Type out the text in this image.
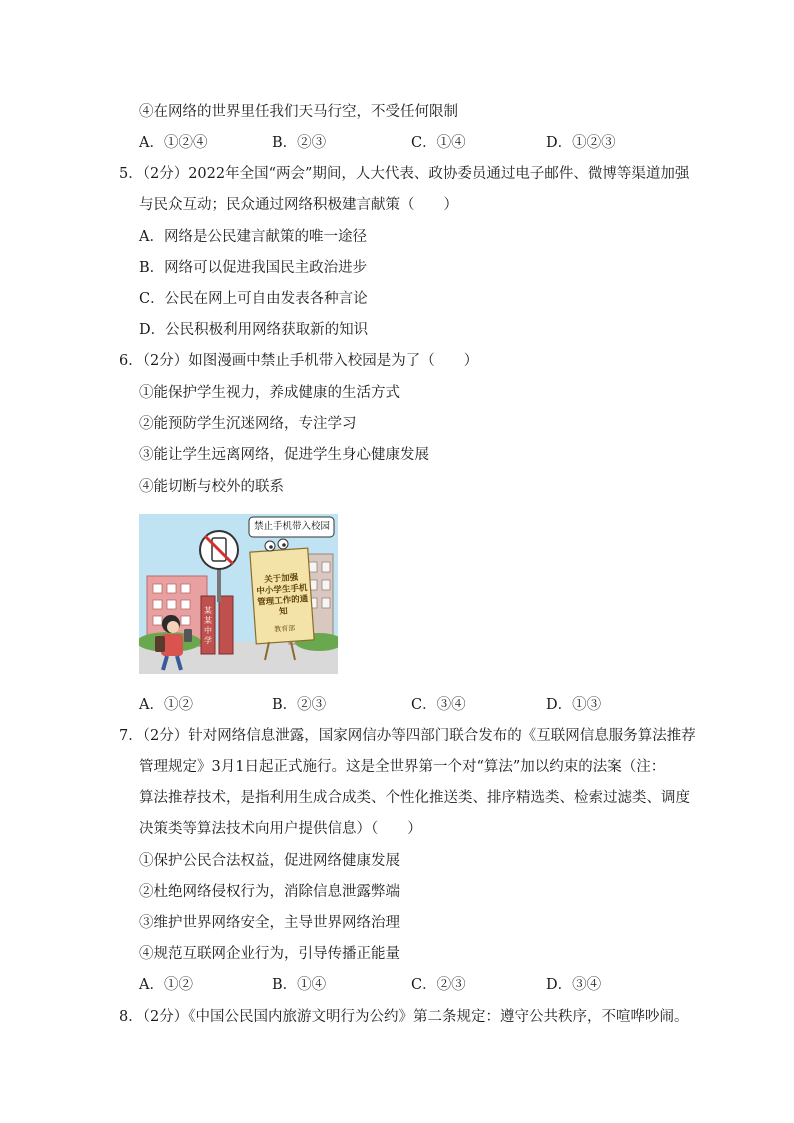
④在网络的世界里任我们天马行空，不受任何限制
A．①②④	B．②③	C．①④	D．①②③
5．（2分）2022年全国“两会”期间，人大代表、政协委员通过电子邮件、微博等渠道加强
与民众互动；民众通过网络积极建言献策（　　）
A．网络是公民建言献策的唯一途径
B．网络可以促进我国民主政治进步
C．公民在网上可自由发表各种言论
D．公民积极利用网络获取新的知识
6．（2分）如图漫画中禁止手机带入校园是为了（　　）
①能保护学生视力，养成健康的生活方式
②能预防学生沉迷网络，专注学习
③能让学生远离网络，促进学生身心健康发展
④能切断与校外的联系
禁止手机带入校园
关于加强
中小学生手机
管理工作的通知
教育部
某某中学
A．①②	B．②③	C．③④	D．①③
7．（2分）针对网络信息泄露，国家网信办等四部门联合发布的《互联网信息服务算法推荐
管理规定》3月1日起正式施行。这是全世界第一个对“算法”加以约束的法案（注：
算法推荐技术，是指利用生成合成类、个性化推送类、排序精选类、检索过滤类、调度
决策类等算法技术向用户提供信息）（　　）
①保护公民合法权益，促进网络健康发展
②杜绝网络侵权行为，消除信息泄露弊端
③维护世界网络安全，主导世界网络治理
④规范互联网企业行为，引导传播正能量
A．①②	B．①④	C．②③	D．③④
8．（2分）《中国公民国内旅游文明行为公约》第二条规定：遵守公共秩序，不喧哗吵闹。
